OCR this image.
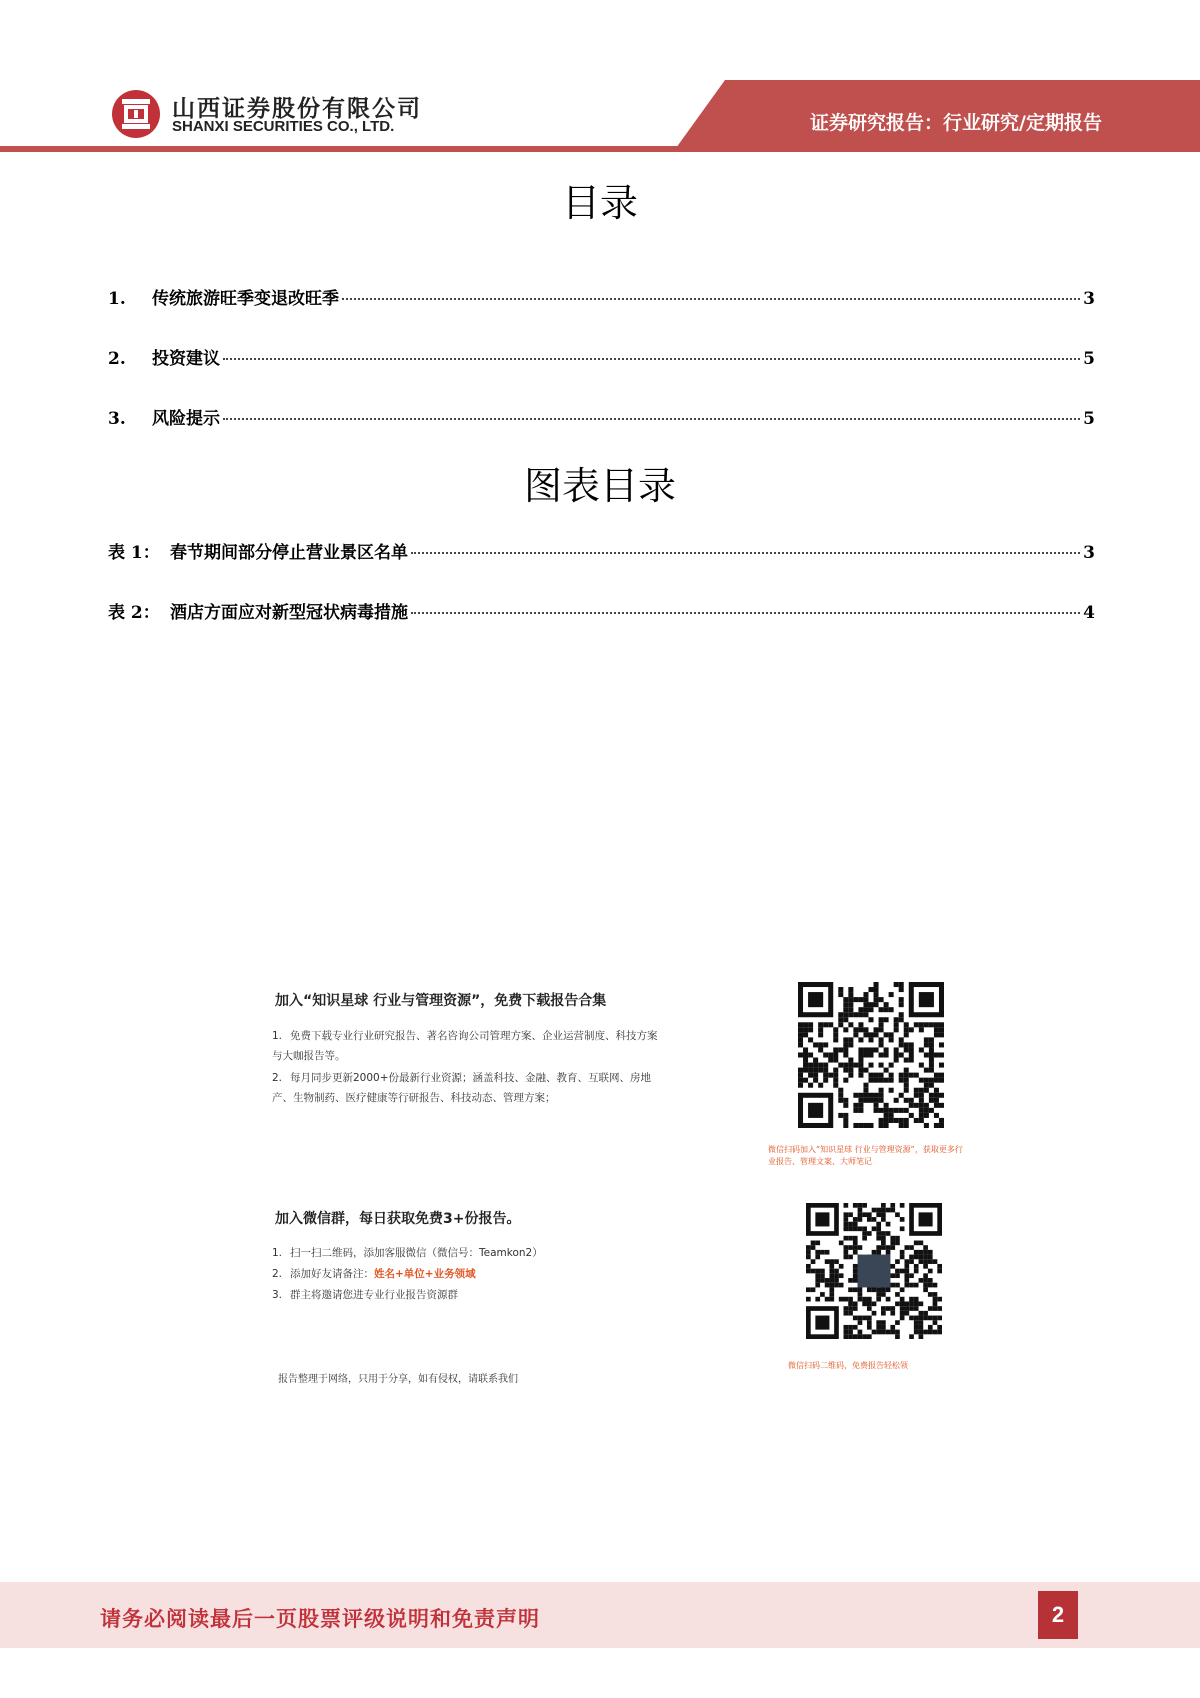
山西证券股份有限公司
SHANXI SECURITIES CO., LTD.	证券研究报告：行业研究/定期报告
目录
1.	传统旅游旺季变退改旺季	3
2.	投资建议	5
3.	风险提示	5
图表目录
表 1： 春节期间部分停止营业景区名单	3
表 2： 酒店方面应对新型冠状病毒措施	4
加入“知识星球 行业与管理资源”，免费下载报告合集
1. 免费下载专业行业研究报告、著名咨询公司管理方案、企业运营制度、科技方案与大咖报告等。
2. 每月同步更新2000+份最新行业资源；涵盖科技、金融、教育、互联网、房地产、生物制药、医疗健康等行研报告、科技动态、管理方案；
微信扫码加入“知识星球 行业与管理资源”，获取更多行业报告、管理文案、大师笔记
加入微信群，每日获取免费3+份报告。
1. 扫一扫二维码，添加客服微信（微信号：Teamkon2）
2. 添加好友请备注：姓名+单位+业务领域
3. 群主将邀请您进专业行业报告资源群
微信扫码二维码，免费报告轻松领
报告整理于网络，只用于分享，如有侵权，请联系我们
请务必阅读最后一页股票评级说明和免责声明	2
